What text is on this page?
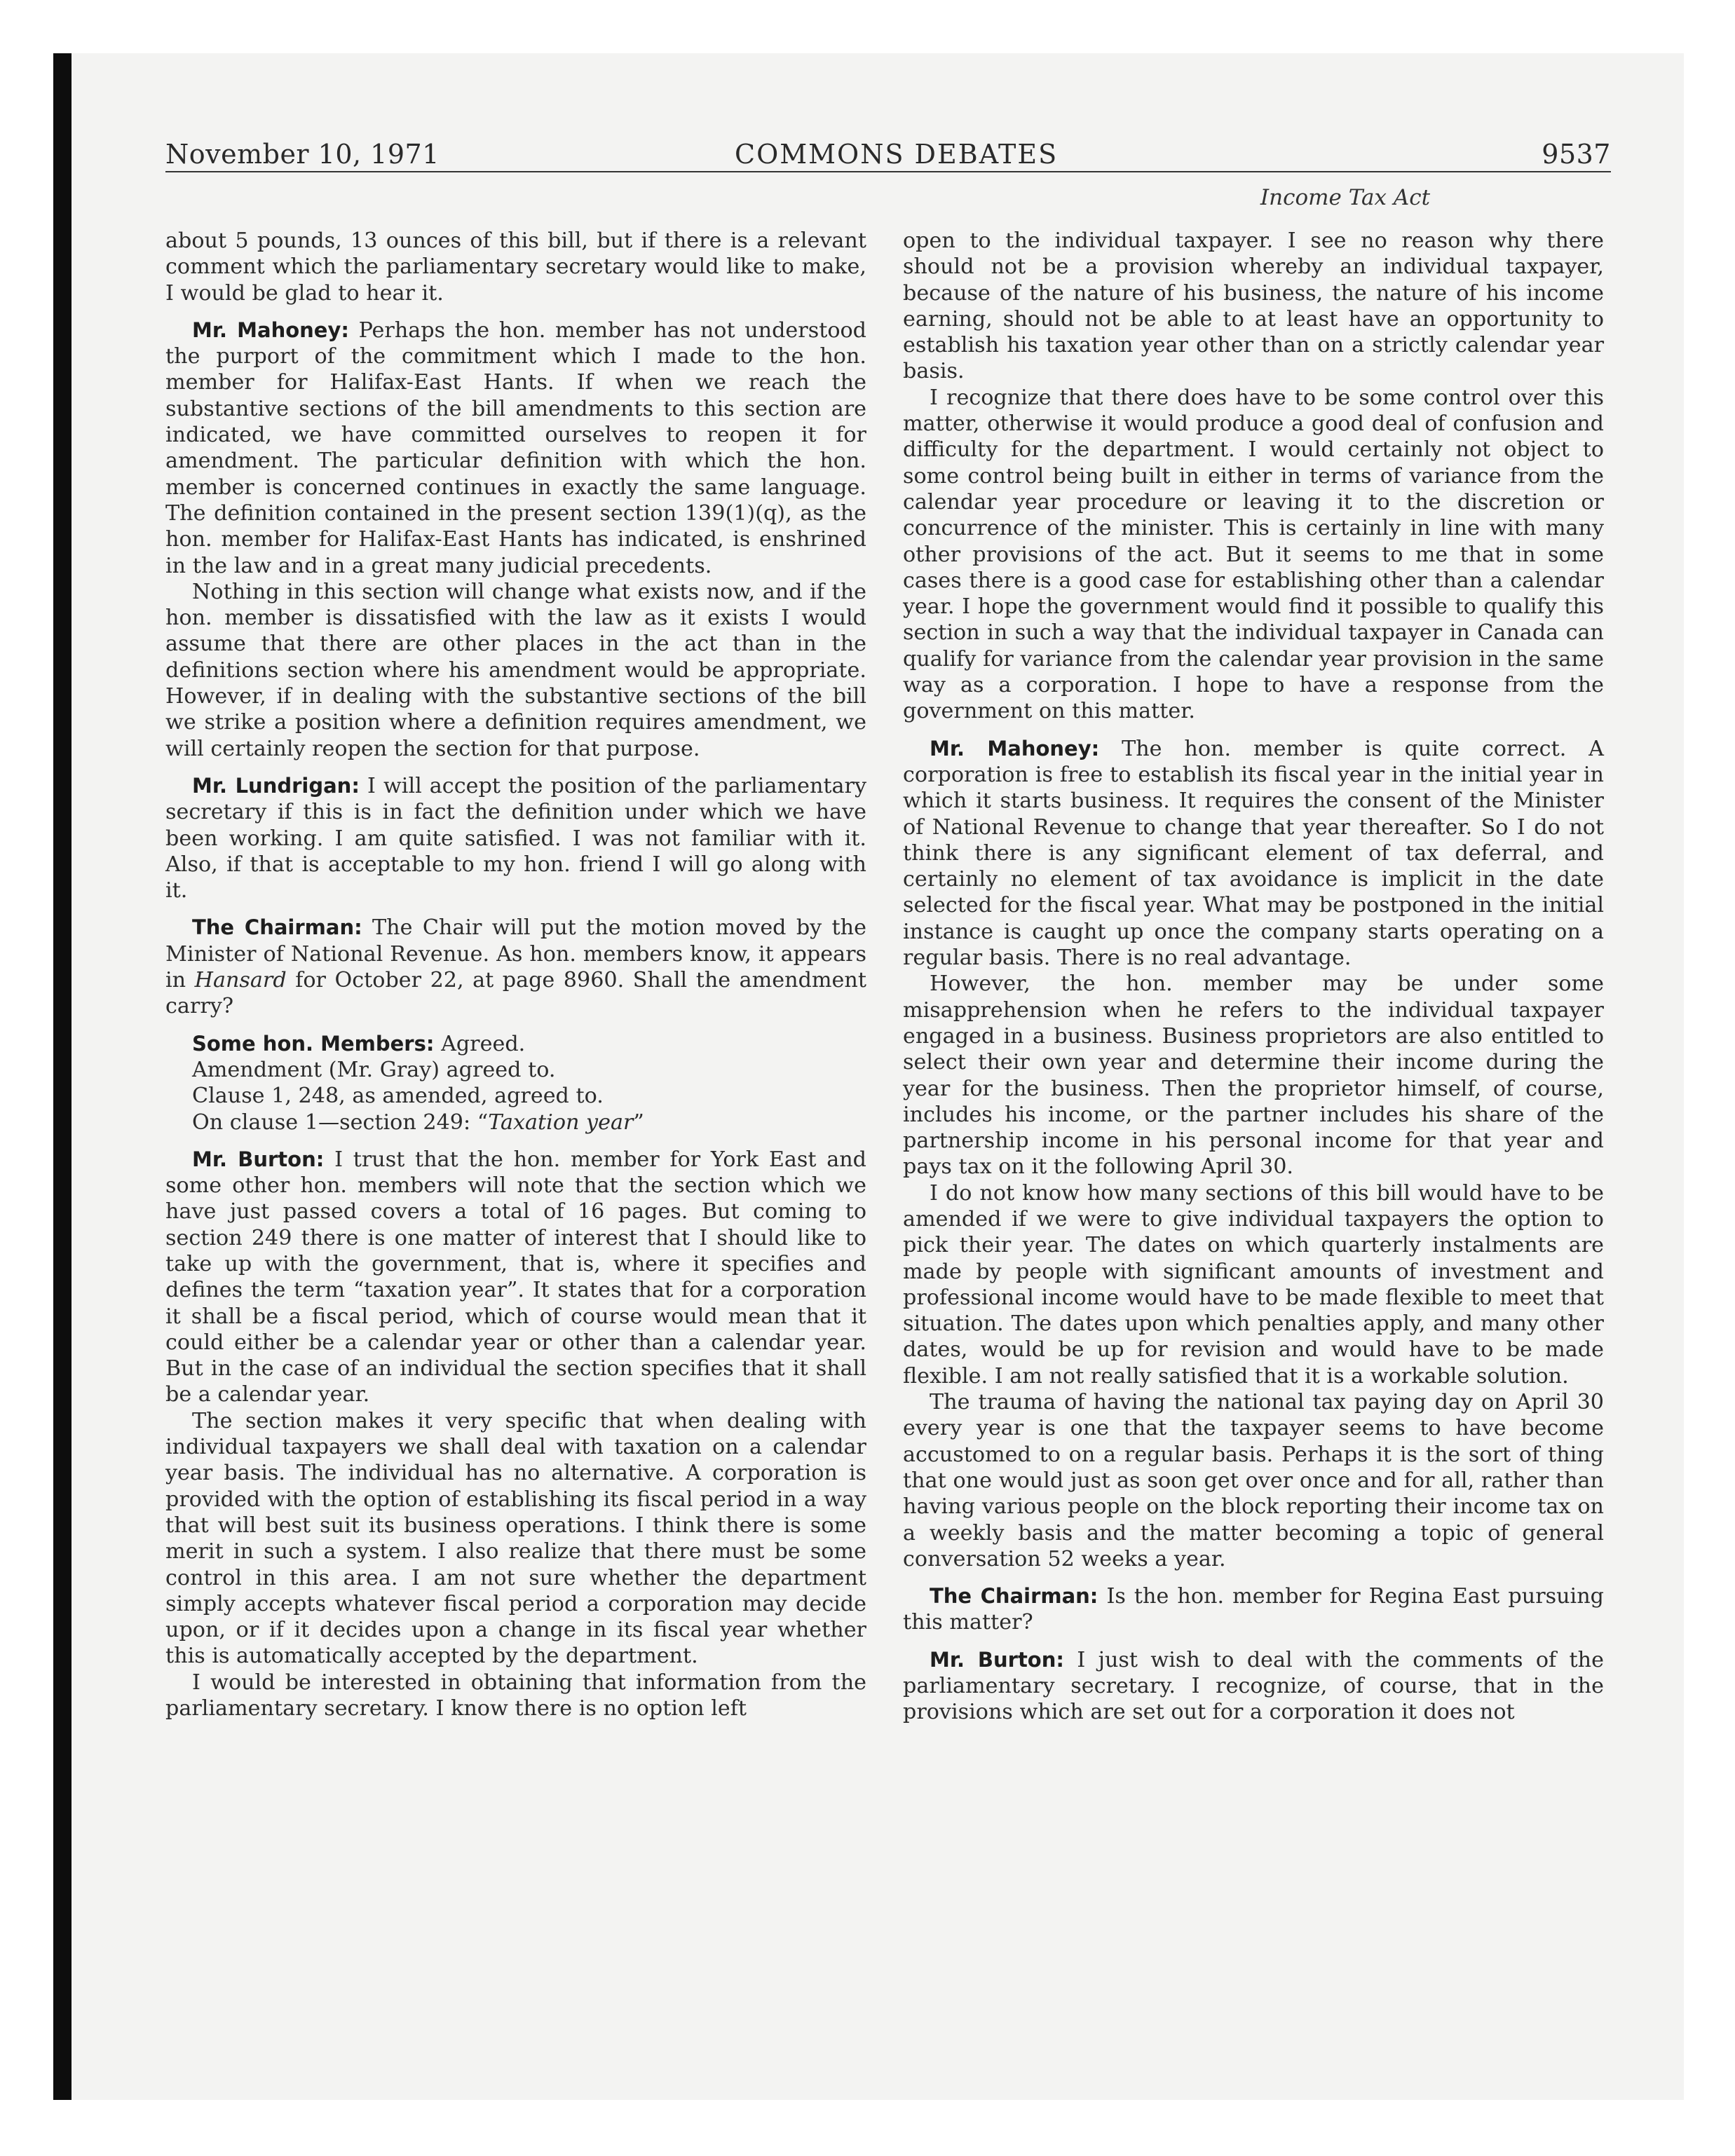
November 10, 1971	COMMONS DEBATES	9537
Income Tax Act

about 5 pounds, 13 ounces of this bill, but if there is a relevant comment which the parliamentary secretary would like to make, I would be glad to hear it.

Mr. Mahoney: Perhaps the hon. member has not understood the purport of the commitment which I made to the hon. member for Halifax-East Hants. If when we reach the substantive sections of the bill amendments to this section are indicated, we have committed ourselves to reopen it for amendment. The particular definition with which the hon. member is concerned continues in exactly the same language. The definition contained in the present section 139(1)(q), as the hon. member for Halifax-East Hants has indicated, is enshrined in the law and in a great many judicial precedents.

Nothing in this section will change what exists now, and if the hon. member is dissatisfied with the law as it exists I would assume that there are other places in the act than in the definitions section where his amendment would be appropriate. However, if in dealing with the substantive sections of the bill we strike a position where a definition requires amendment, we will certainly reopen the section for that purpose.

Mr. Lundrigan: I will accept the position of the parliamentary secretary if this is in fact the definition under which we have been working. I am quite satisfied. I was not familiar with it. Also, if that is acceptable to my hon. friend I will go along with it.

The Chairman: The Chair will put the motion moved by the Minister of National Revenue. As hon. members know, it appears in Hansard for October 22, at page 8960. Shall the amendment carry?

Some hon. Members: Agreed.

Amendment (Mr. Gray) agreed to.

Clause 1, 248, as amended, agreed to.

On clause 1—section 249: “Taxation year”

Mr. Burton: I trust that the hon. member for York East and some other hon. members will note that the section which we have just passed covers a total of 16 pages. But coming to section 249 there is one matter of interest that I should like to take up with the government, that is, where it specifies and defines the term “taxation year”. It states that for a corporation it shall be a fiscal period, which of course would mean that it could either be a calendar year or other than a calendar year. But in the case of an individual the section specifies that it shall be a calendar year.

The section makes it very specific that when dealing with individual taxpayers we shall deal with taxation on a calendar year basis. The individual has no alternative. A corporation is provided with the option of establishing its fiscal period in a way that will best suit its business operations. I think there is some merit in such a system. I also realize that there must be some control in this area. I am not sure whether the department simply accepts whatever fiscal period a corporation may decide upon, or if it decides upon a change in its fiscal year whether this is automatically accepted by the department.

I would be interested in obtaining that information from the parliamentary secretary. I know there is no option left

open to the individual taxpayer. I see no reason why there should not be a provision whereby an individual taxpayer, because of the nature of his business, the nature of his income earning, should not be able to at least have an opportunity to establish his taxation year other than on a strictly calendar year basis.

I recognize that there does have to be some control over this matter, otherwise it would produce a good deal of confusion and difficulty for the department. I would certainly not object to some control being built in either in terms of variance from the calendar year procedure or leaving it to the discretion or concurrence of the minister. This is certainly in line with many other provisions of the act. But it seems to me that in some cases there is a good case for establishing other than a calendar year. I hope the government would find it possible to qualify this section in such a way that the individual taxpayer in Canada can qualify for variance from the calendar year provision in the same way as a corporation. I hope to have a response from the government on this matter.

Mr. Mahoney: The hon. member is quite correct. A corporation is free to establish its fiscal year in the initial year in which it starts business. It requires the consent of the Minister of National Revenue to change that year thereafter. So I do not think there is any significant element of tax deferral, and certainly no element of tax avoidance is implicit in the date selected for the fiscal year. What may be postponed in the initial instance is caught up once the company starts operating on a regular basis. There is no real advantage.

However, the hon. member may be under some misapprehension when he refers to the individual taxpayer engaged in a business. Business proprietors are also entitled to select their own year and determine their income during the year for the business. Then the proprietor himself, of course, includes his income, or the partner includes his share of the partnership income in his personal income for that year and pays tax on it the following April 30.

I do not know how many sections of this bill would have to be amended if we were to give individual taxpayers the option to pick their year. The dates on which quarterly instalments are made by people with significant amounts of investment and professional income would have to be made flexible to meet that situation. The dates upon which penalties apply, and many other dates, would be up for revision and would have to be made flexible. I am not really satisfied that it is a workable solution.

The trauma of having the national tax paying day on April 30 every year is one that the taxpayer seems to have become accustomed to on a regular basis. Perhaps it is the sort of thing that one would just as soon get over once and for all, rather than having various people on the block reporting their income tax on a weekly basis and the matter becoming a topic of general conversation 52 weeks a year.

The Chairman: Is the hon. member for Regina East pursuing this matter?

Mr. Burton: I just wish to deal with the comments of the parliamentary secretary. I recognize, of course, that in the provisions which are set out for a corporation it does not
